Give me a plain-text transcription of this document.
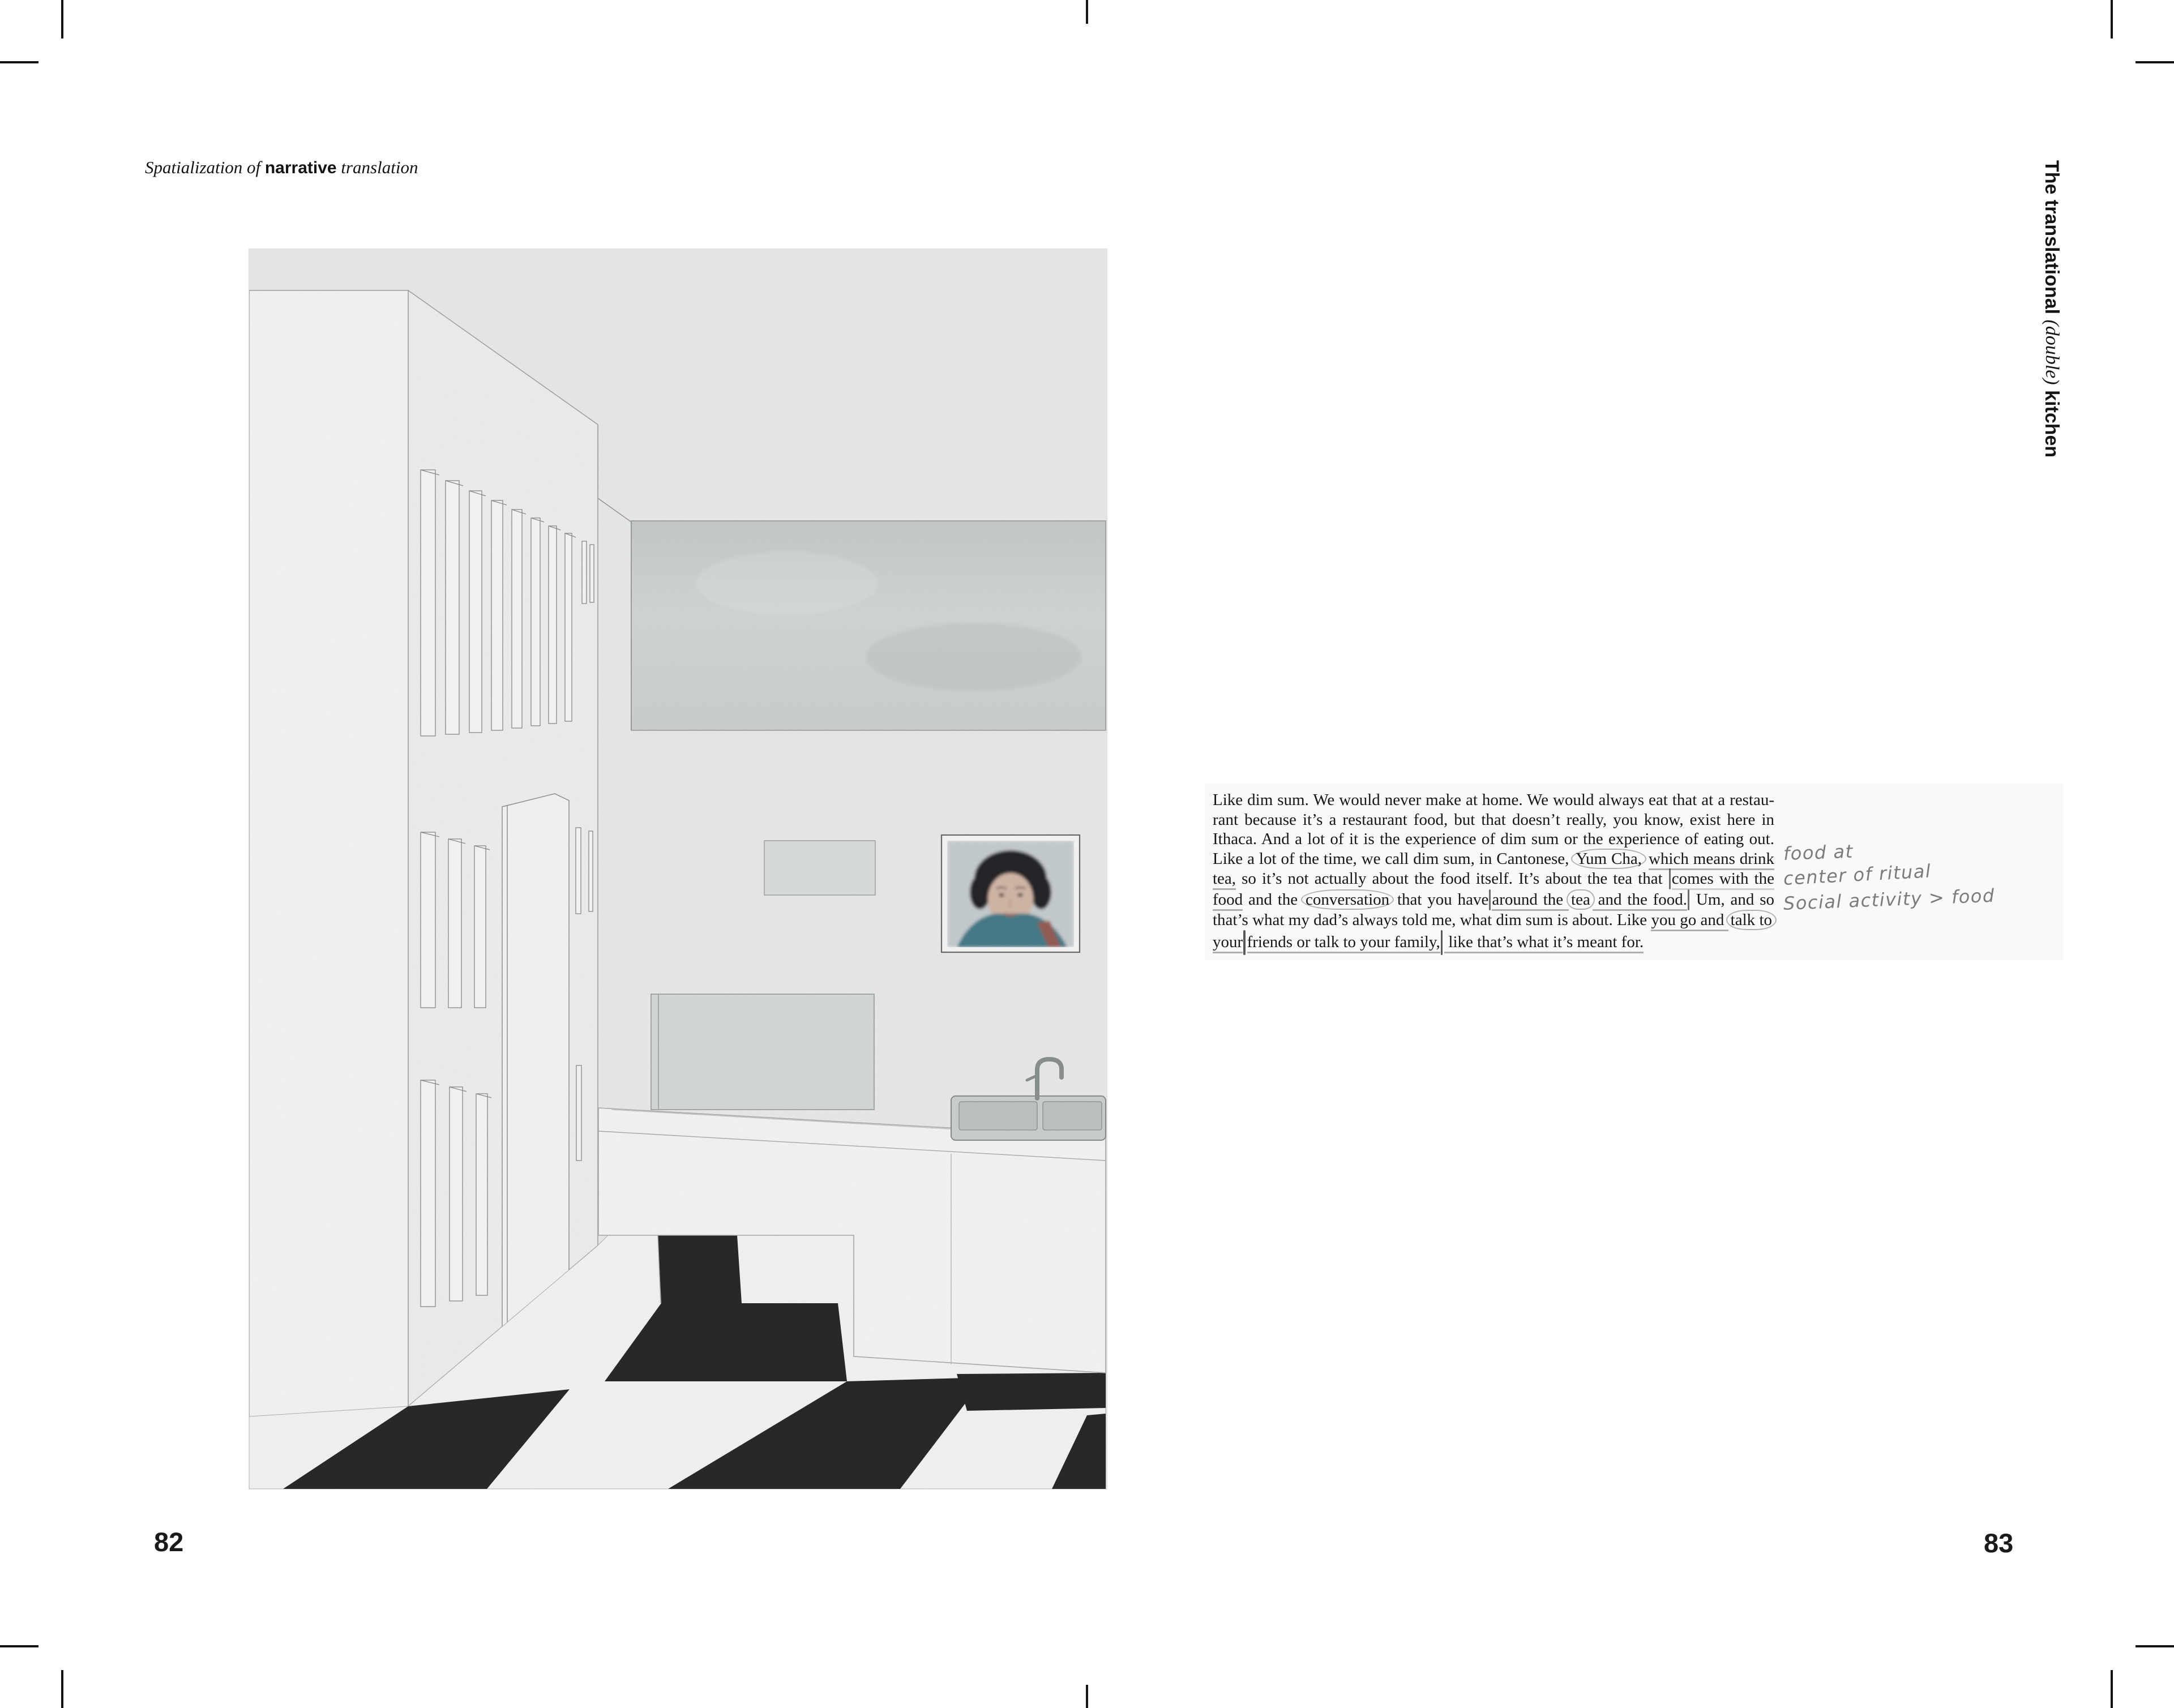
Spatialization of narrative translation
Like dim sum. We would never make at home. We would always eat that at a restau-
rant because it’s a restaurant food, but that doesn’t really, you know, exist here in
Ithaca. And a lot of it is the experience of dim sum or the experience of eating out.
Like a lot of the time, we call dim sum, in Cantonese, Yum Cha, which means drink
tea, so it’s not actually about the food itself. It’s about the tea that comes with the
food and the conversation that you have around the tea and the food. Um, and so
that’s what my dad’s always told me, what dim sum is about. Like you go and talk to
your friends or talk to your family, like that’s what it’s meant for.
food at
center of ritual
Social activity > food
The translational (double) kitchen
82	83
